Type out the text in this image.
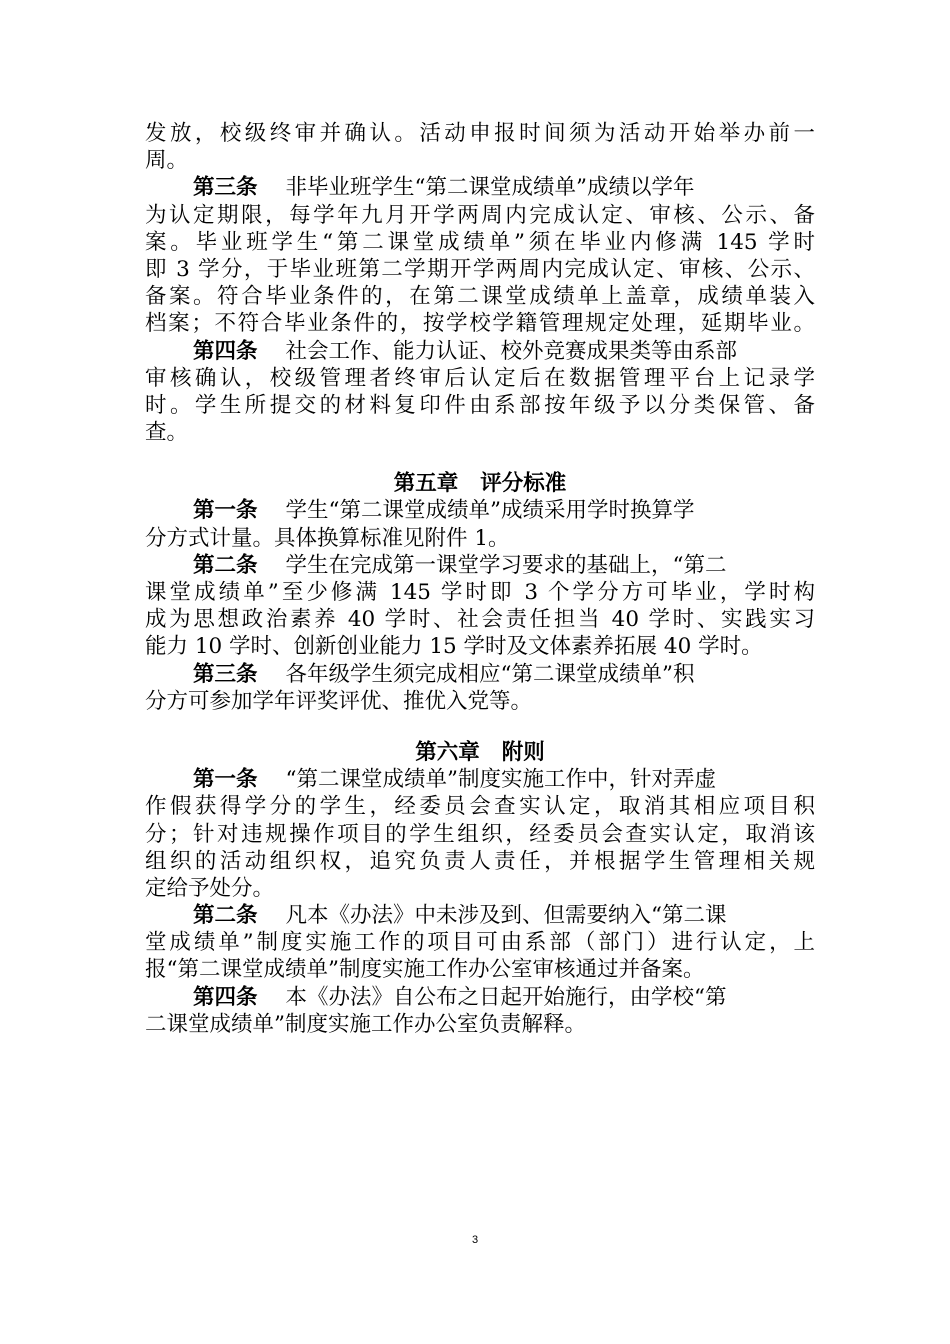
发放，校级终审并确认。活动申报时间须为活动开始举办前一
周。
第三条 非毕业班学生“第二课堂成绩单”成绩以学年
为认定期限，每学年九月开学两周内完成认定、审核、公示、备
案。毕业班学生“第二课堂成绩单”须在毕业内修满 145 学时
即 3 学分，于毕业班第二学期开学两周内完成认定、审核、公示、
备案。符合毕业条件的，在第二课堂成绩单上盖章，成绩单装入
档案；不符合毕业条件的，按学校学籍管理规定处理，延期毕业。
第四条 社会工作、能力认证、校外竞赛成果类等由系部
审核确认，校级管理者终审后认定后在数据管理平台上记录学
时。学生所提交的材料复印件由系部按年级予以分类保管、备
查。
第五章 评分标准
第一条 学生“第二课堂成绩单”成绩采用学时换算学
分方式计量。具体换算标准见附件 1。
第二条 学生在完成第一课堂学习要求的基础上，“第二
课堂成绩单”至少修满 145 学时即 3 个学分方可毕业，学时构
成为思想政治素养 40 学时、社会责任担当 40 学时、实践实习
能力 10 学时、创新创业能力 15 学时及文体素养拓展 40 学时。
第三条 各年级学生须完成相应“第二课堂成绩单”积
分方可参加学年评奖评优、推优入党等。
第六章 附则
第一条 “第二课堂成绩单”制度实施工作中，针对弄虚
作假获得学分的学生，经委员会查实认定，取消其相应项目积
分；针对违规操作项目的学生组织，经委员会查实认定，取消该
组织的活动组织权，追究负责人责任，并根据学生管理相关规
定给予处分。
第二条 凡本《办法》中未涉及到、但需要纳入“第二课
堂成绩单”制度实施工作的项目可由系部（部门）进行认定，上
报“第二课堂成绩单”制度实施工作办公室审核通过并备案。
第四条 本《办法》自公布之日起开始施行，由学校“第
二课堂成绩单”制度实施工作办公室负责解释。
3
